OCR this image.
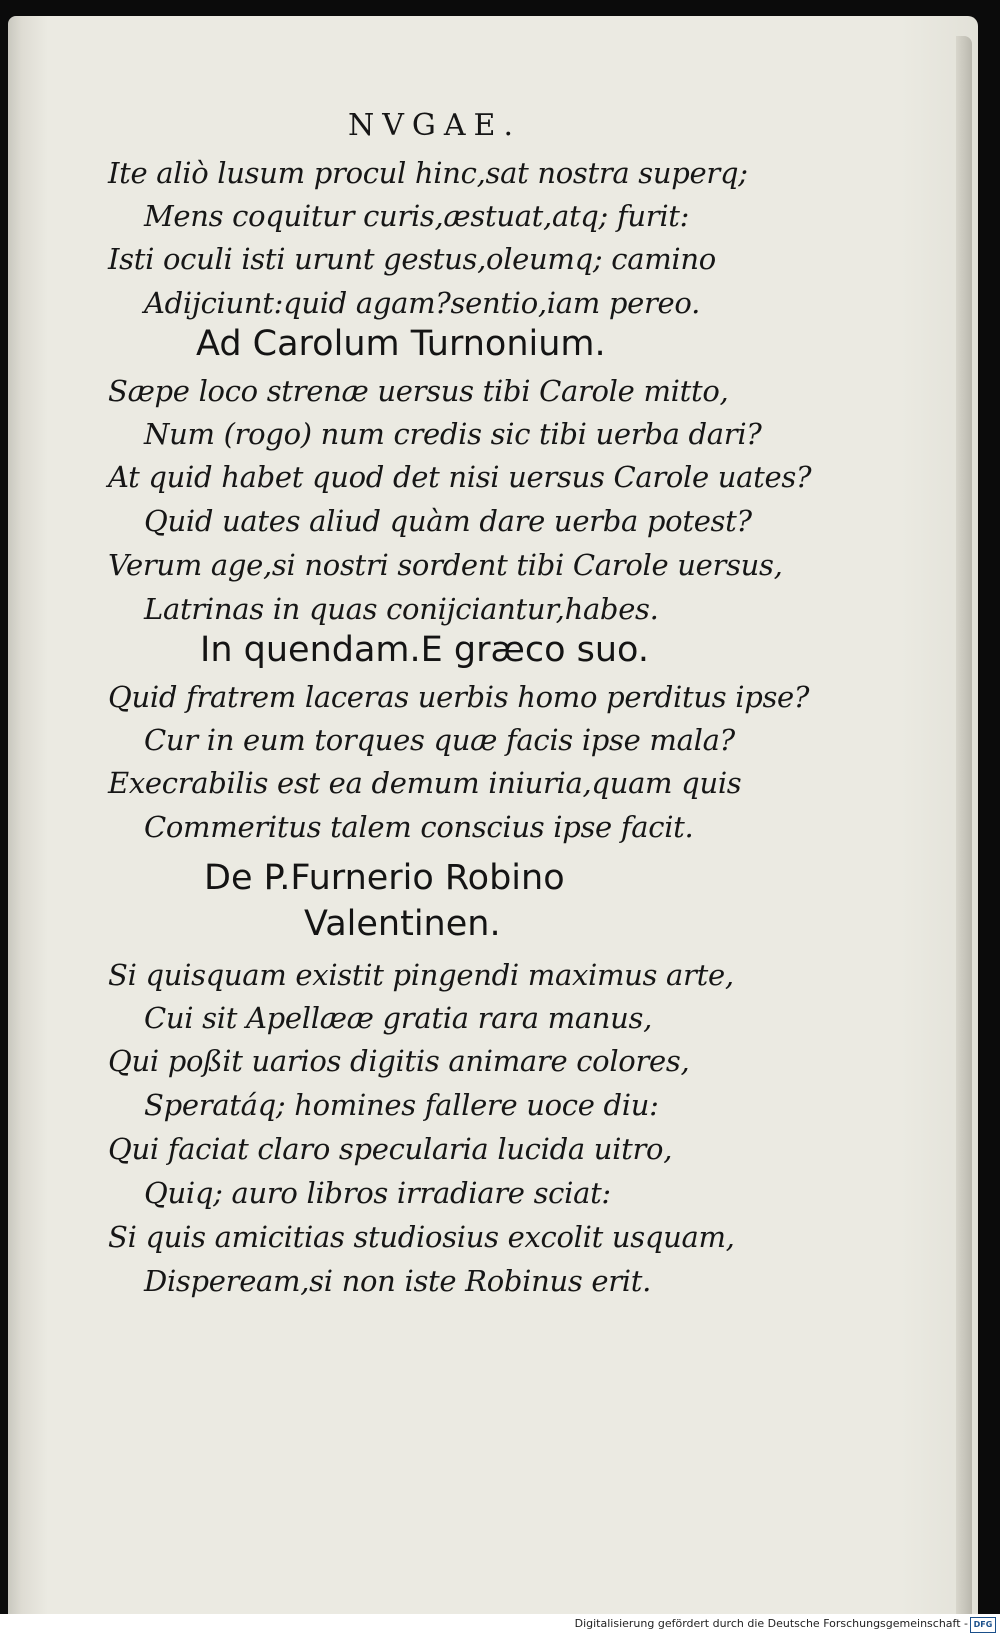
NVGAE.
Ite aliò lusum procul hinc,sat nostra superq;
Mens coquitur curis,æstuat,atq; furit:
Isti oculi isti urunt gestus,oleumq; camino
Adijciunt:quid agam?sentio,iam pereo.
Ad Carolum Turnonium.
Sæpe loco strenæ uersus tibi Carole mitto,
Num (rogo) num credis sic tibi uerba dari?
At quid habet quod det nisi uersus Carole uates?
Quid uates aliud quàm dare uerba potest?
Verum age,si nostri sordent tibi Carole uersus,
Latrinas in quas conijciantur,habes.
In quendam.E græco suo.
Quid fratrem laceras uerbis homo perditus ipse?
Cur in eum torques quæ facis ipse mala?
Execrabilis est ea demum iniuria,quam quis
Commeritus talem conscius ipse facit.
De P.Furnerio Robino
Valentinen.
Si quisquam existit pingendi maximus arte,
Cui sit Apellææ gratia rara manus,
Qui poßit uarios digitis animare colores,
Speratáq; homines fallere uoce diu:
Qui faciat claro specularia lucida uitro,
Quiq; auro libros irradiare sciat:
Si quis amicitias studiosius excolit usquam,
Dispeream,si non iste Robinus erit.
Digitalisierung gefördert durch die Deutsche Forschungsgemeinschaft - DFG
